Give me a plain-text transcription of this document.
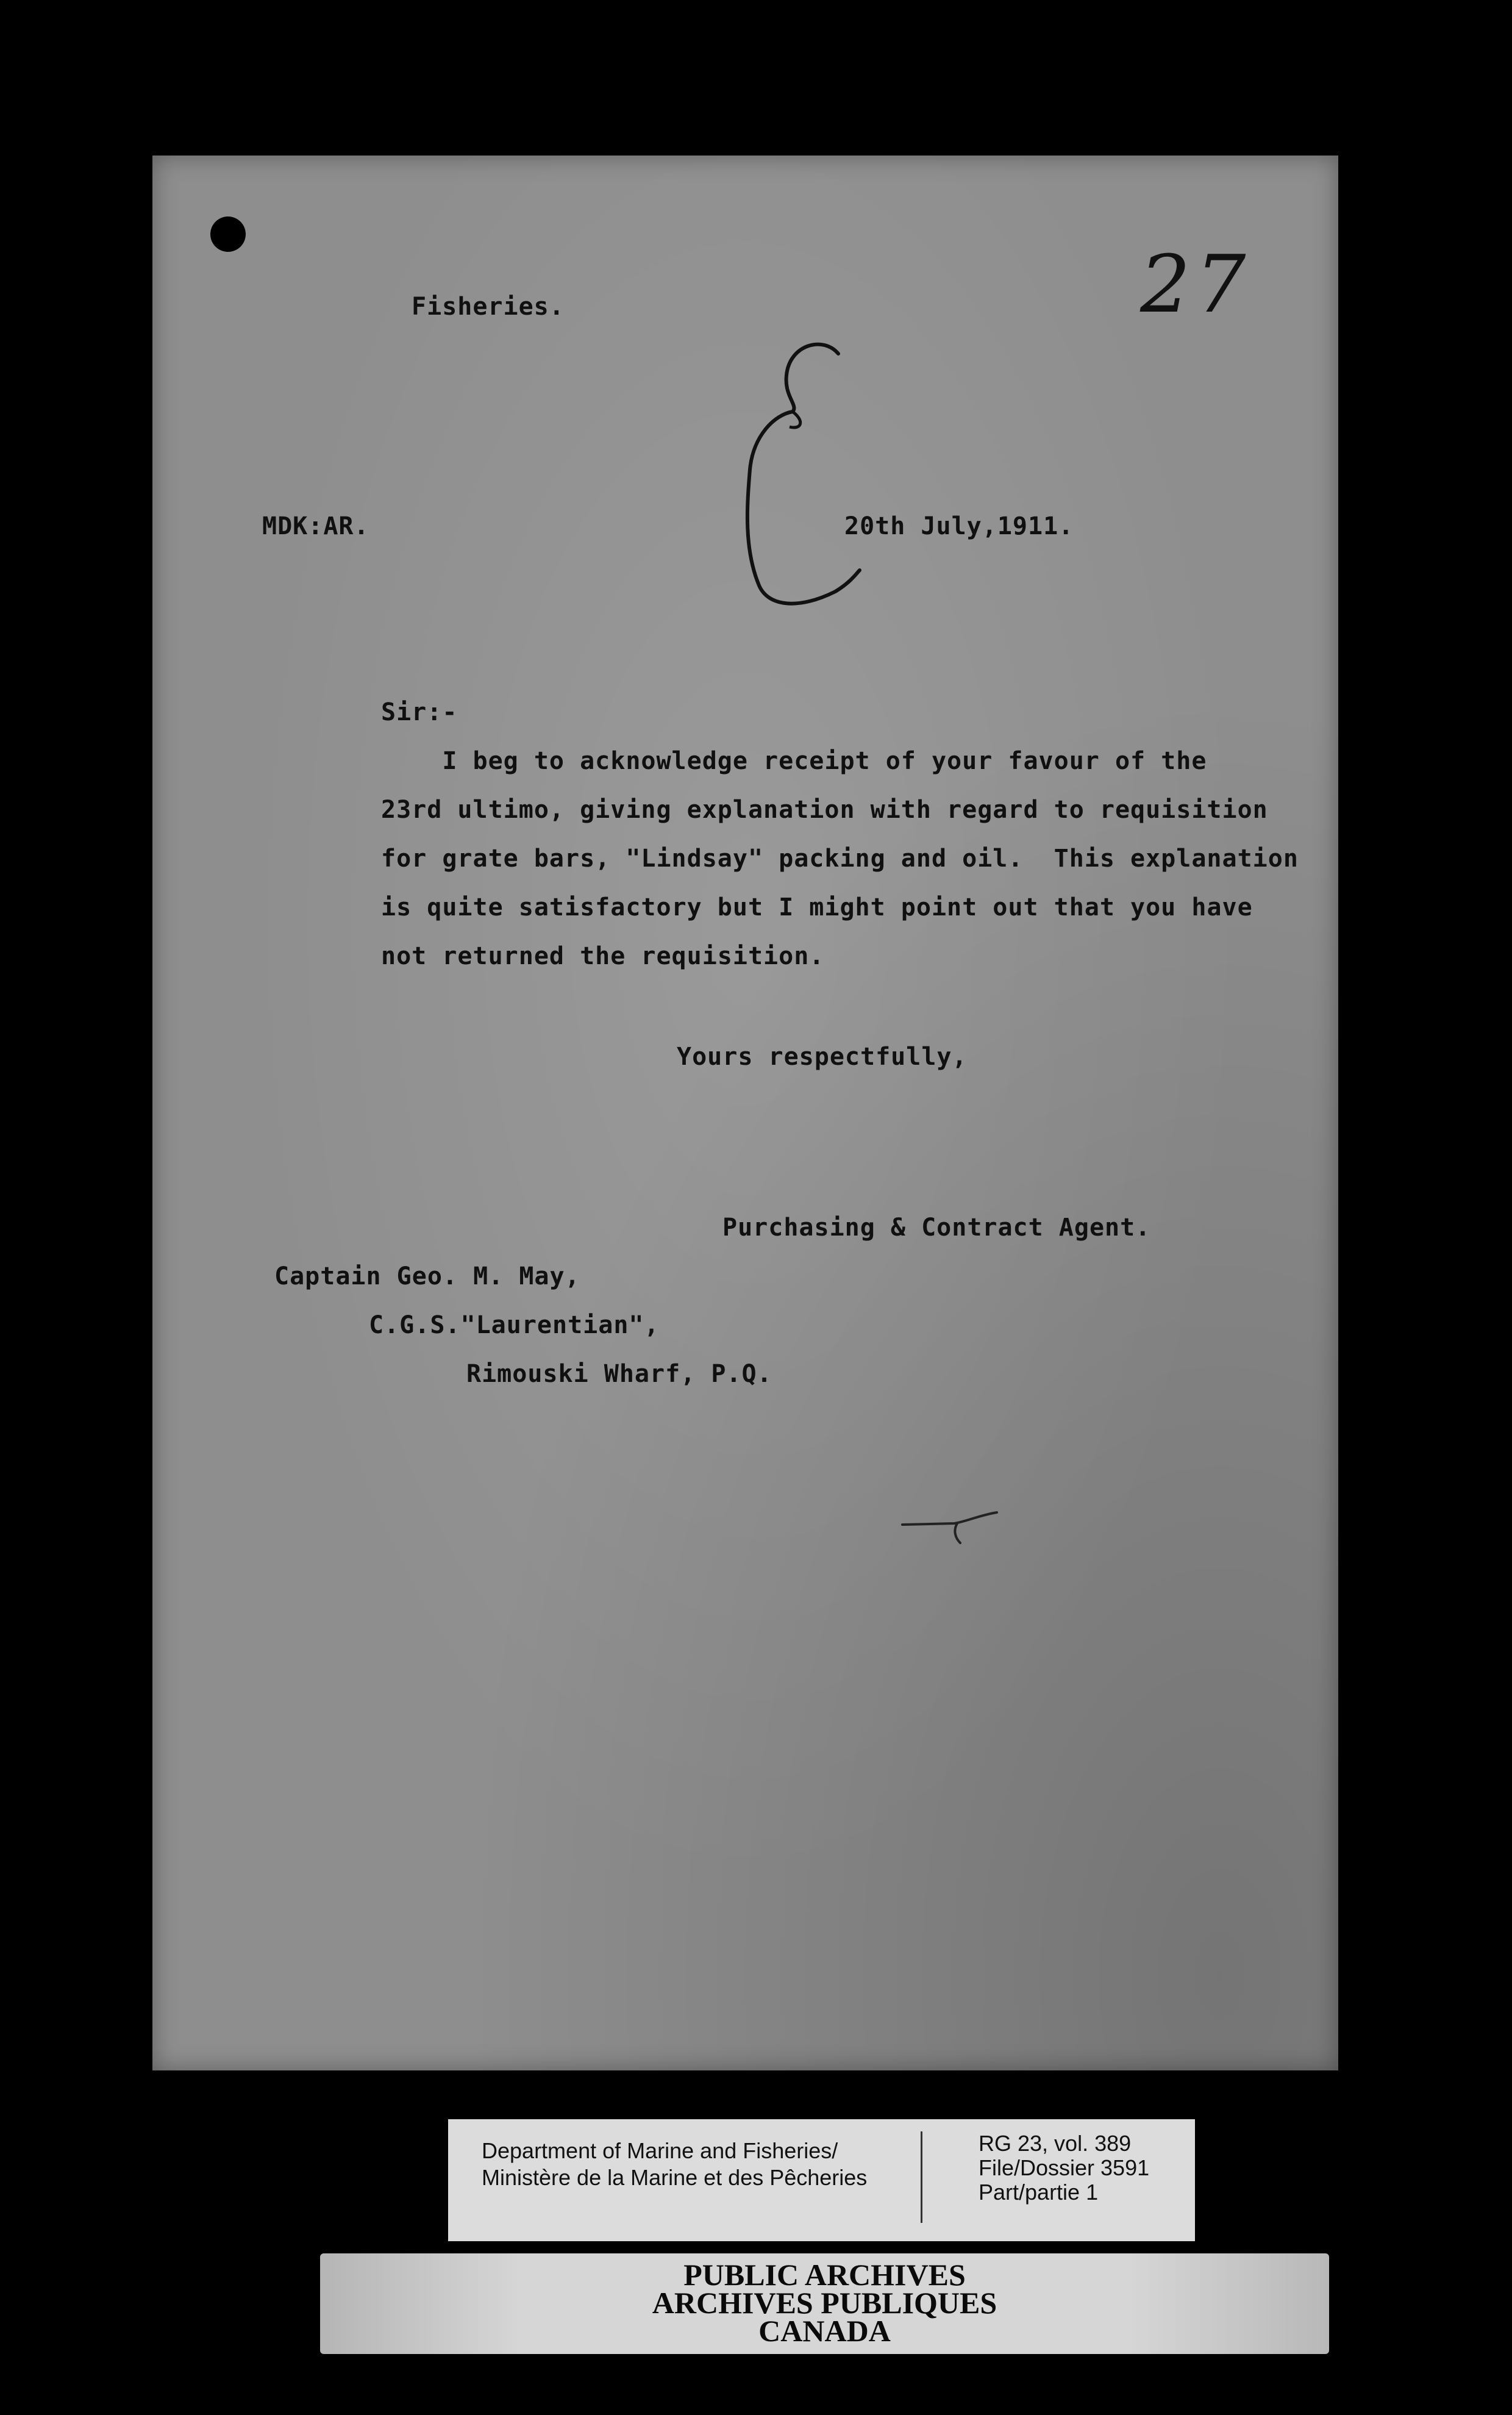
Fisheries.	27
MDK:AR.	20th July,1911.
Sir:-
I beg to acknowledge receipt of your favour of the
23rd ultimo, giving explanation with regard to requisition
for grate bars, "Lindsay" packing and oil.  This explanation
is quite satisfactory but I might point out that you have
not returned the requisition.
Yours respectfully,
Purchasing & Contract Agent.
Captain Geo. M. May,
C.G.S."Laurentian",
Rimouski Wharf, P.Q.
Department of Marine and Fisheries/
Ministère de la Marine et des Pêcheries
RG 23, vol. 389
File/Dossier 3591
Part/partie 1
PUBLIC ARCHIVES
ARCHIVES PUBLIQUES
CANADA
